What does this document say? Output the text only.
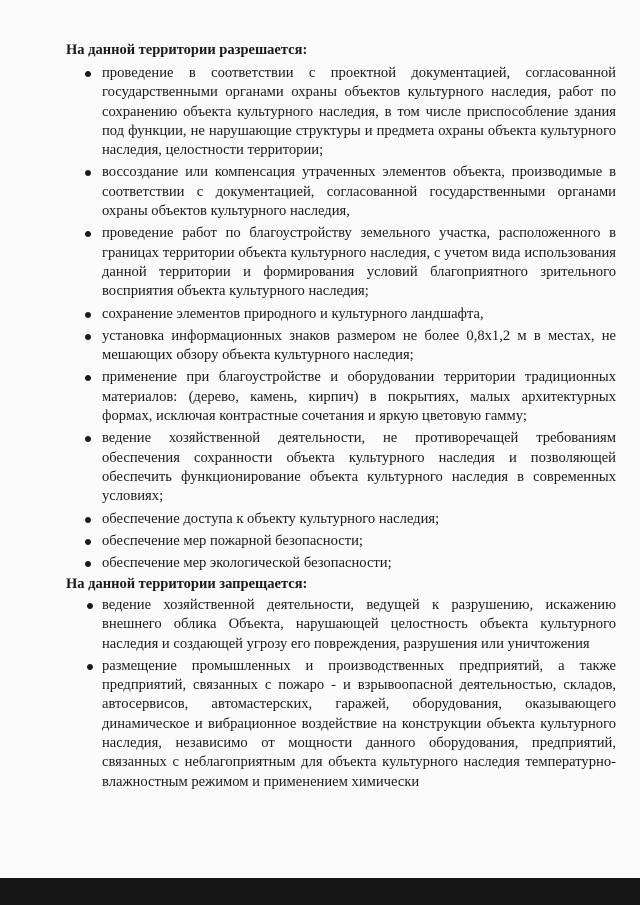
На данной территории разрешается:

проведение в соответствии с проектной документацией, согласованной государственными органами охраны объектов культурного наследия, работ по сохранению объекта культурного наследия, в том числе приспособление здания под функции, не нарушающие структуры и предмета охраны объекта культурного наследия, целостности территории;
воссоздание или компенсация утраченных элементов объекта, производимые в соответствии с документацией, согласованной государственными органами охраны объектов культурного наследия,
проведение работ по благоустройству земельного участка, расположенного в границах территории объекта культурного наследия, с учетом вида использования данной территории и формирования условий благоприятного зрительного восприятия объекта культурного наследия;
сохранение элементов природного и культурного ландшафта,
установка информационных знаков размером не более 0,8х1,2 м в местах, не мешающих обзору объекта культурного наследия;
применение при благоустройстве и оборудовании территории традиционных материалов: (дерево, камень, кирпич) в покрытиях, малых архитектурных формах, исключая контрастные сочетания и яркую цветовую гамму;
ведение хозяйственной деятельности, не противоречащей требованиям обеспечения сохранности объекта культурного наследия и позволяющей обеспечить функционирование объекта культурного наследия в современных условиях;
обеспечение доступа к объекту культурного наследия;
обеспечение мер пожарной безопасности;
обеспечение мер экологической безопасности;

На данной территории запрещается:

ведение хозяйственной деятельности, ведущей к разрушению, искажению внешнего облика Объекта, нарушающей целостность объекта культурного наследия и создающей угрозу его повреждения, разрушения или уничтожения
размещение промышленных и производственных предприятий, а также предприятий, связанных с пожаро - и взрывоопасной деятельностью, складов, автосервисов, автомастерских, гаражей, оборудования, оказывающего динамическое и вибрационное воздействие на конструкции объекта культурного наследия, независимо от мощности данного оборудования, предприятий, связанных с неблагоприятным для объекта культурного наследия температурно-влажностным режимом и применением химически
